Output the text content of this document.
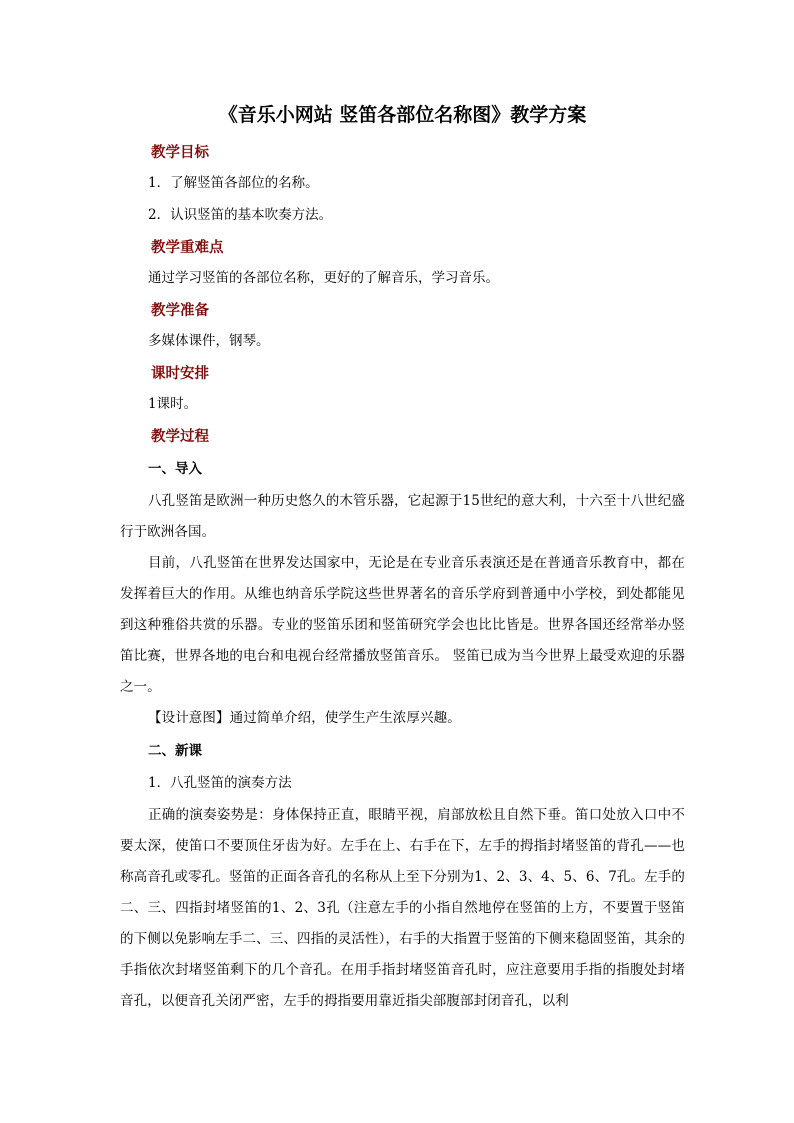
《音乐小网站 竖笛各部位名称图》教学方案
教学目标
1．了解竖笛各部位的名称。
2．认识竖笛的基本吹奏方法。
教学重难点
通过学习竖笛的各部位名称，更好的了解音乐，学习音乐。
教学准备
多媒体课件，钢琴。
课时安排
1课时。
教学过程
一、导入

八孔竖笛是欧洲一种历史悠久的木管乐器，它起源于15世纪的意大利，十六至十八世纪盛行于欧洲各国。

目前，八孔竖笛在世界发达国家中，无论是在专业音乐表演还是在普通音乐教育中，都在发挥着巨大的作用。从维也纳音乐学院这些世界著名的音乐学府到普通中小学校，到处都能见到这种雅俗共赏的乐器。专业的竖笛乐团和竖笛研究学会也比比皆是。世界各国还经常举办竖笛比赛，世界各地的电台和电视台经常播放竖笛音乐。 竖笛已成为当今世界上最受欢迎的乐器之一。

【设计意图】通过简单介绍，使学生产生浓厚兴趣。

二、新课
1．八孔竖笛的演奏方法

正确的演奏姿势是：身体保持正直，眼睛平视，肩部放松且自然下垂。笛口处放入口中不要太深，使笛口不要顶住牙齿为好。左手在上、右手在下，左手的拇指封堵竖笛的背孔——也称高音孔或零孔。竖笛的正面各音孔的名称从上至下分别为1、2、3、4、5、6、7孔。左手的二、三、四指封堵竖笛的1、2、3孔（注意左手的小指自然地停在竖笛的上方，不要置于竖笛的下侧以免影响左手二、三、四指的灵活性），右手的大指置于竖笛的下侧来稳固竖笛，其余的手指依次封堵竖笛剩下的几个音孔。在用手指封堵竖笛音孔时，应注意要用手指的指腹处封堵音孔，以便音孔关闭严密，左手的拇指要用靠近指尖部腹部封闭音孔，以利
